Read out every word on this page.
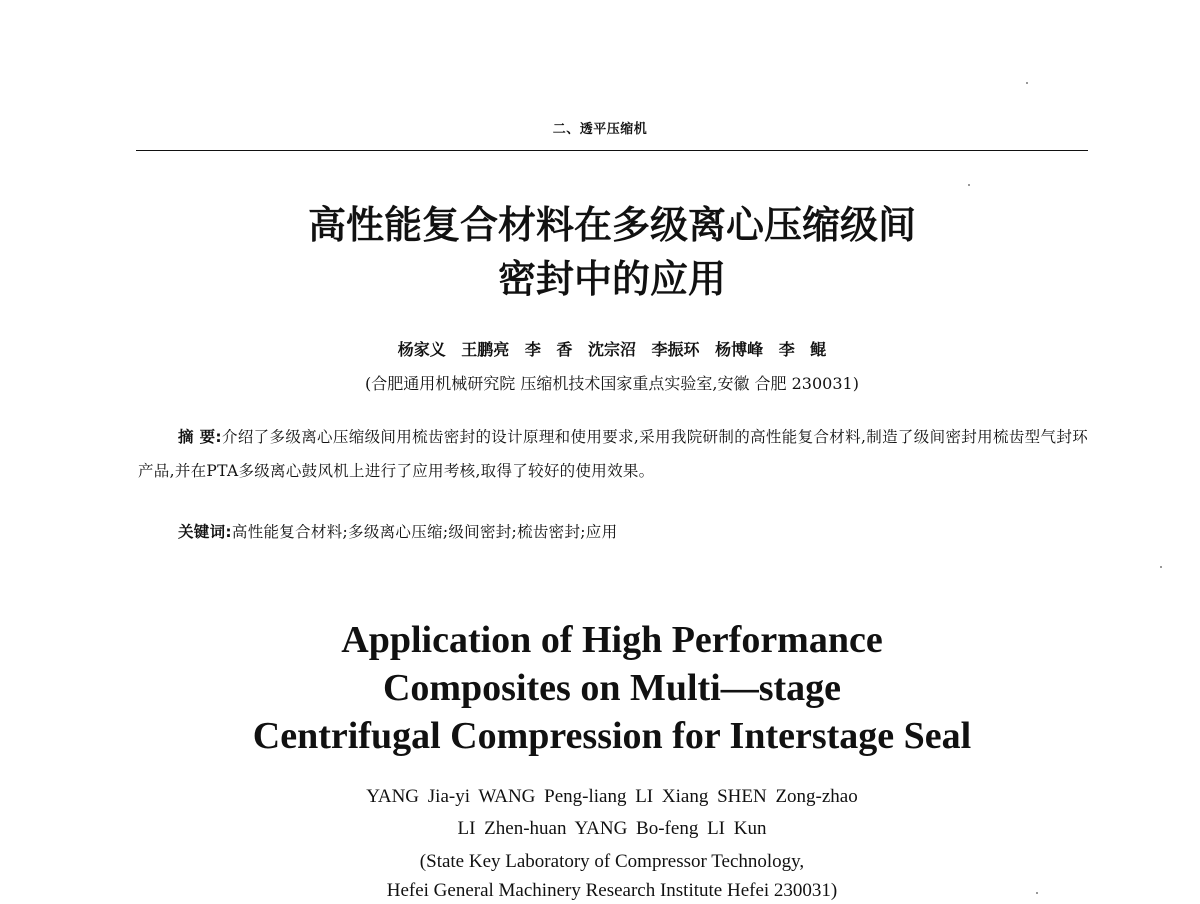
二、透平压缩机
高性能复合材料在多级离心压缩级间
密封中的应用
杨家义 王鹏亮 李 香 沈宗沼 李振环 杨博峰 李 鲲
(合肥通用机械研究院 压缩机技术国家重点实验室,安徽 合肥 230031)
摘 要:介绍了多级离心压缩级间用梳齿密封的设计原理和使用要求,采用我院研制的高性能复合材料,制造了级间密封用梳齿型气封环产品,并在PTA多级离心鼓风机上进行了应用考核,取得了较好的使用效果。
关键词:高性能复合材料;多级离心压缩;级间密封;梳齿密封;应用
Application of High Performance
Composites on Multi—stage
Centrifugal Compression for Interstage Seal
YANG Jia-yi WANG Peng-liang LI Xiang SHEN Zong-zhao
LI Zhen-huan YANG Bo-feng LI Kun
(State Key Laboratory of Compressor Technology,
Hefei General Machinery Research Institute Hefei 230031)
